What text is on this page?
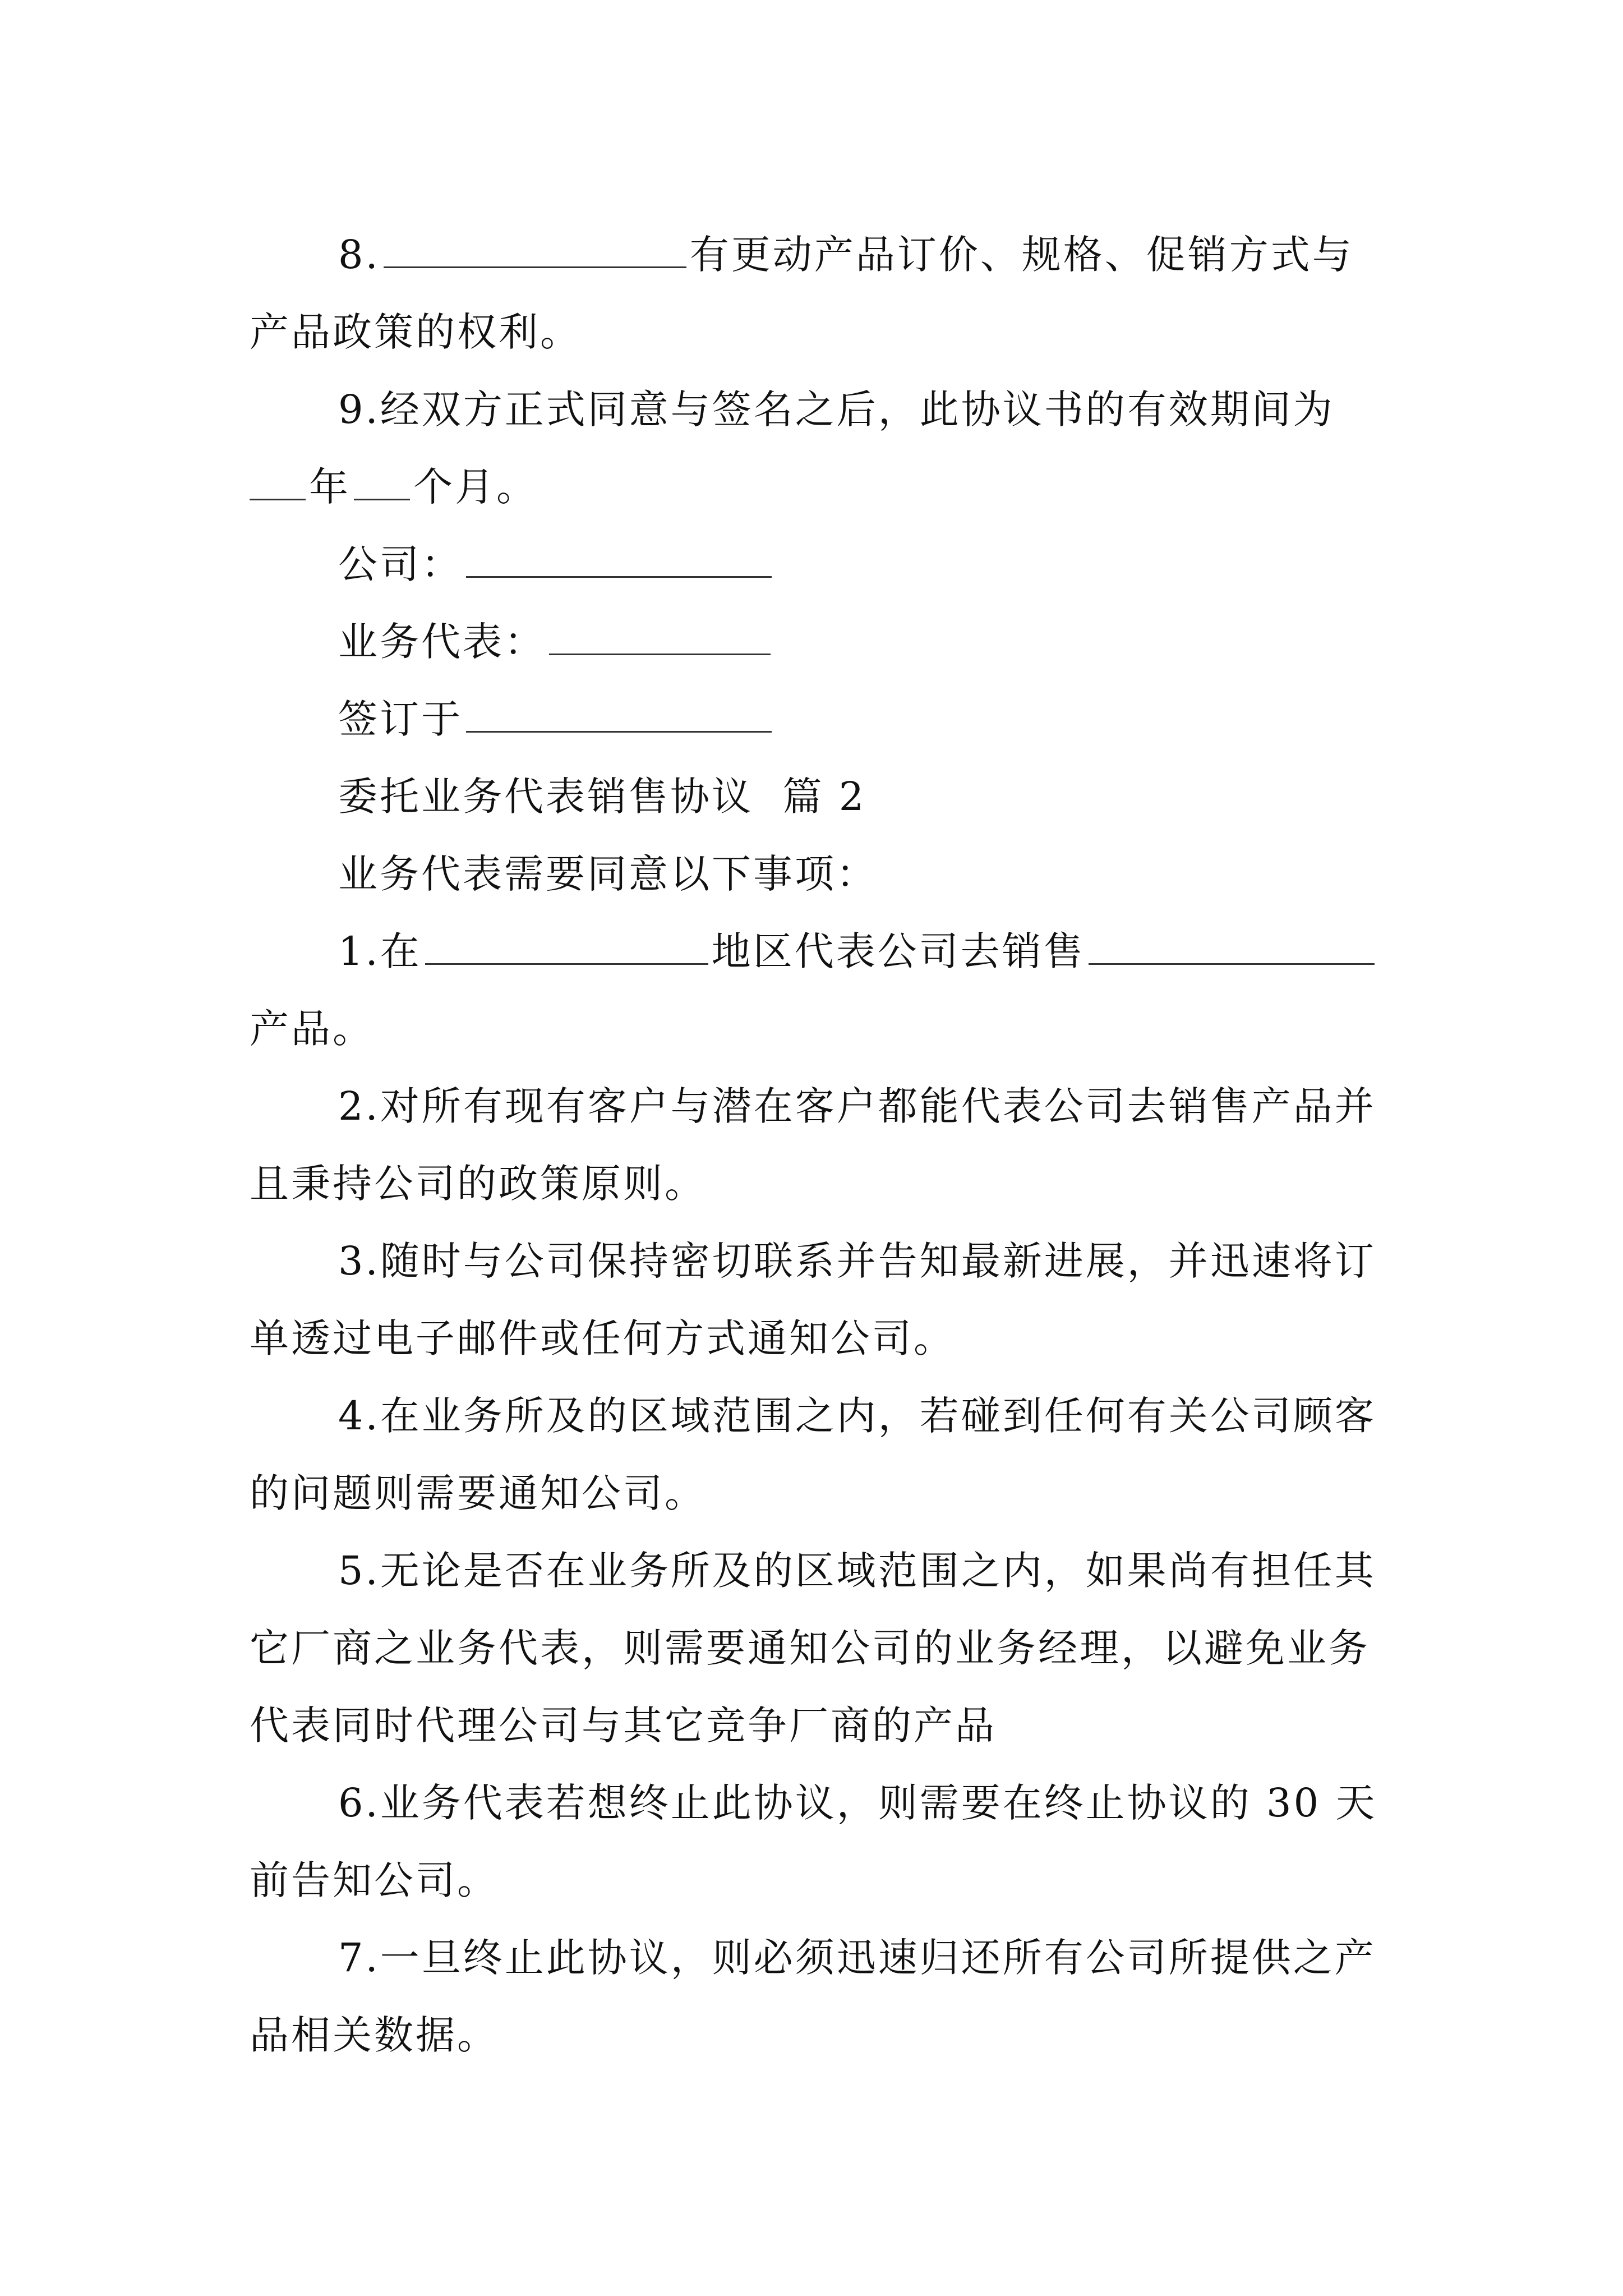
8.	有更动产品订价、规格、促销方式与产品政策的权利。

9.经双方正式同意与签名之后，此协议书的有效期间为
年 个月。

公司：

业务代表：

签订于

委托业务代表销售协议  篇 2

业务代表需要同意以下事项：

1.在	地区代表公司去销售
产品。

2.对所有现有客户与潜在客户都能代表公司去销售产品并且秉持公司的政策原则。

3.随时与公司保持密切联系并告知最新进展，并迅速将订单透过电子邮件或任何方式通知公司。

4.在业务所及的区域范围之内，若碰到任何有关公司顾客的问题则需要通知公司。

5.无论是否在业务所及的区域范围之内，如果尚有担任其它厂商之业务代表，则需要通知公司的业务经理，以避免业务代表同时代理公司与其它竞争厂商的产品

6.业务代表若想终止此协议，则需要在终止协议的 30 天前告知公司。

7.一旦终止此协议，则必须迅速归还所有公司所提供之产品相关数据。
